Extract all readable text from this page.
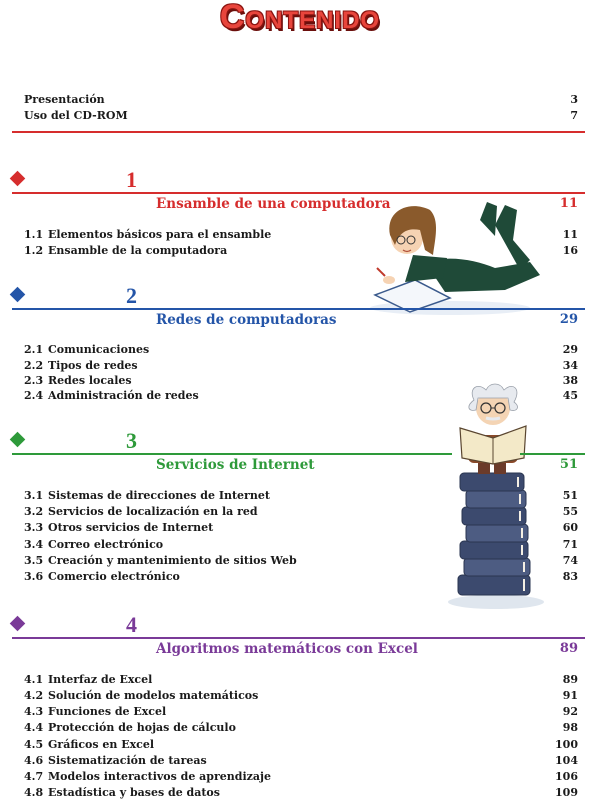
Contenido
Presentación	3
Uso del CD-ROM	7
UNIDAD 1
Ensamble de una computadora	11
1.1 Elementos básicos para el ensamble	11
1.2 Ensamble de la computadora	16
UNIDAD 2
Redes de computadoras	29
2.1 Comunicaciones	29
2.2 Tipos de redes	34
2.3 Redes locales	38
2.4 Administración de redes	45
UNIDAD 3
Servicios de Internet	51
3.1 Sistemas de direcciones de Internet	51
3.2 Servicios de localización en la red	55
3.3 Otros servicios de Internet	60
3.4 Correo electrónico	71
3.5 Creación y mantenimiento de sitios Web	74
3.6 Comercio electrónico	83
UNIDAD 4
Algoritmos matemáticos con Excel	89
4.1 Interfaz de Excel	89
4.2 Solución de modelos matemáticos	91
4.3 Funciones de Excel	92
4.4 Protección de hojas de cálculo	98
4.5 Gráficos en Excel	100
4.6 Sistematización de tareas	104
4.7 Modelos interactivos de aprendizaje	106
4.8 Estadística y bases de datos	109
